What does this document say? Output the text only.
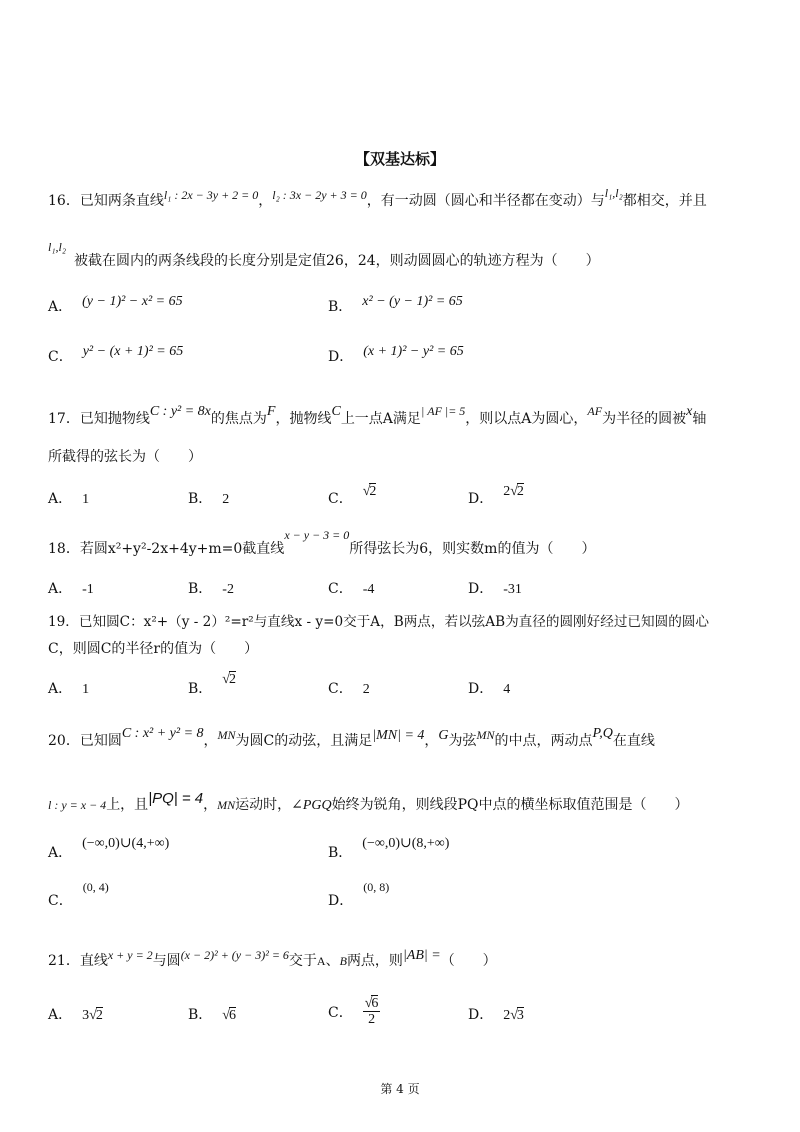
【双基达标】
16．已知两条直线l₁ : 2x − 3y + 2 = 0，l₂ : 3x − 2y + 3 = 0，有一动圆（圆心和半径都在变动）与l₁,l₂都相交，并且
l₁,l₂
被截在圆内的两条线段的长度分别是定值26，24，则动圆圆心的轨迹方程为（　　）
A． (y − 1)² − x² = 65	B． x² − (y − 1)² = 65
C． y² − (x + 1)² = 65	D． (x + 1)² − y² = 65
17．已知抛物线C : y² = 8x的焦点为F，抛物线C上一点A满足| AF |= 5，则以点A为圆心，AF为半径的圆被x轴
所截得的弦长为（　　）
A． 1	B． 2	C． √2	D． 2√2
18．若圆x²+y²-2x+4y+m=0截直线x − y − 3 = 0所得弦长为6，则实数m的值为（　　）
A． -1	B． -2	C． -4	D． -31
19．已知圆C：x²+（y - 2）²=r²与直线x - y=0交于A，B两点，若以弦AB为直径的圆刚好经过已知圆的圆心
C，则圆C的半径r的值为（　　）
A． 1	B．√2
C． 2	D． 4
20．已知圆C : x² + y² = 8，MN为圆C的动弦，且满足|MN| = 4，G为弦MN的中点，两动点P,Q在直线
l : y = x − 4上，且|PQ| = 4，MN运动时，∠PGQ始终为锐角，则线段PQ中点的横坐标取值范围是（　　）
A．(−∞,0)∪(4,+∞)
B．(−∞,0)∪(8,+∞)
C．(0, 4)
D．(0, 8)
21．直线x + y = 2与圆(x − 2)² + (y − 3)² = 6交于A、B两点，则|AB| =（　　）
A． 3√2	B． √6	C． $\frac{√6}{2}$	D． 2√3
第 4 页
